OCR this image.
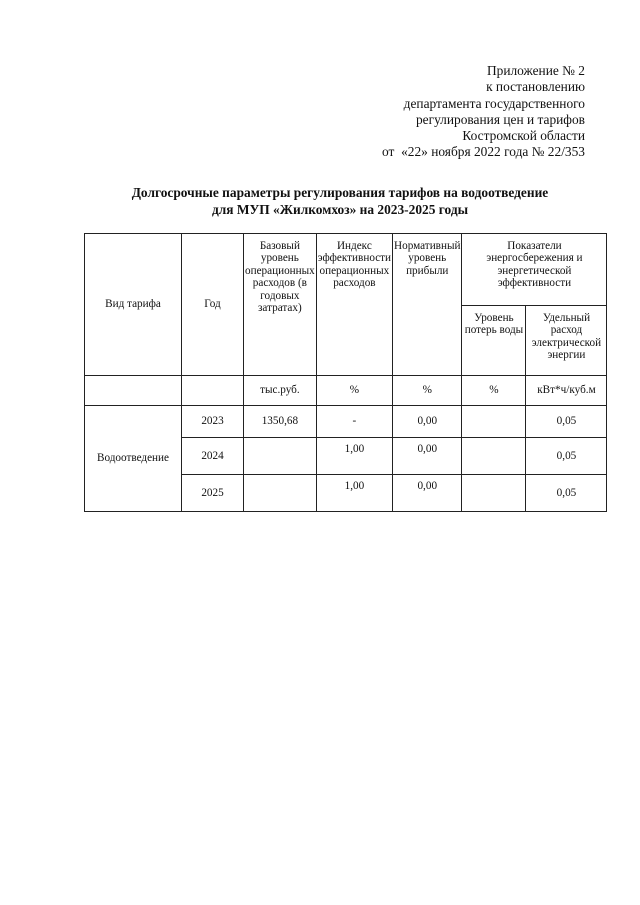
Приложение № 2
к постановлению
департамента государственного
регулирования цен и тарифов
Костромской области
от  «22» ноября 2022 года № 22/353
Долгосрочные параметры регулирования тарифов на водоотведение
для МУП «Жилкомхоз» на 2023-2025 годы
Вид тарифа	Год	Базовый уровень операционных расходов (в годовых затратах)	Индекс эффективности операционных расходов	Нормативный уровень прибыли	Показатели энергосбережения и энергетической эффективности	
					Уровень потерь воды	Удельный расход электрической энергии
		тыс.руб.	%	%	%	кВт*ч/куб.м
Водоотведение	2023	1350,68	-	0,00		0,05
	2024		1,00	0,00		0,05
	2025		1,00	0,00		0,05
